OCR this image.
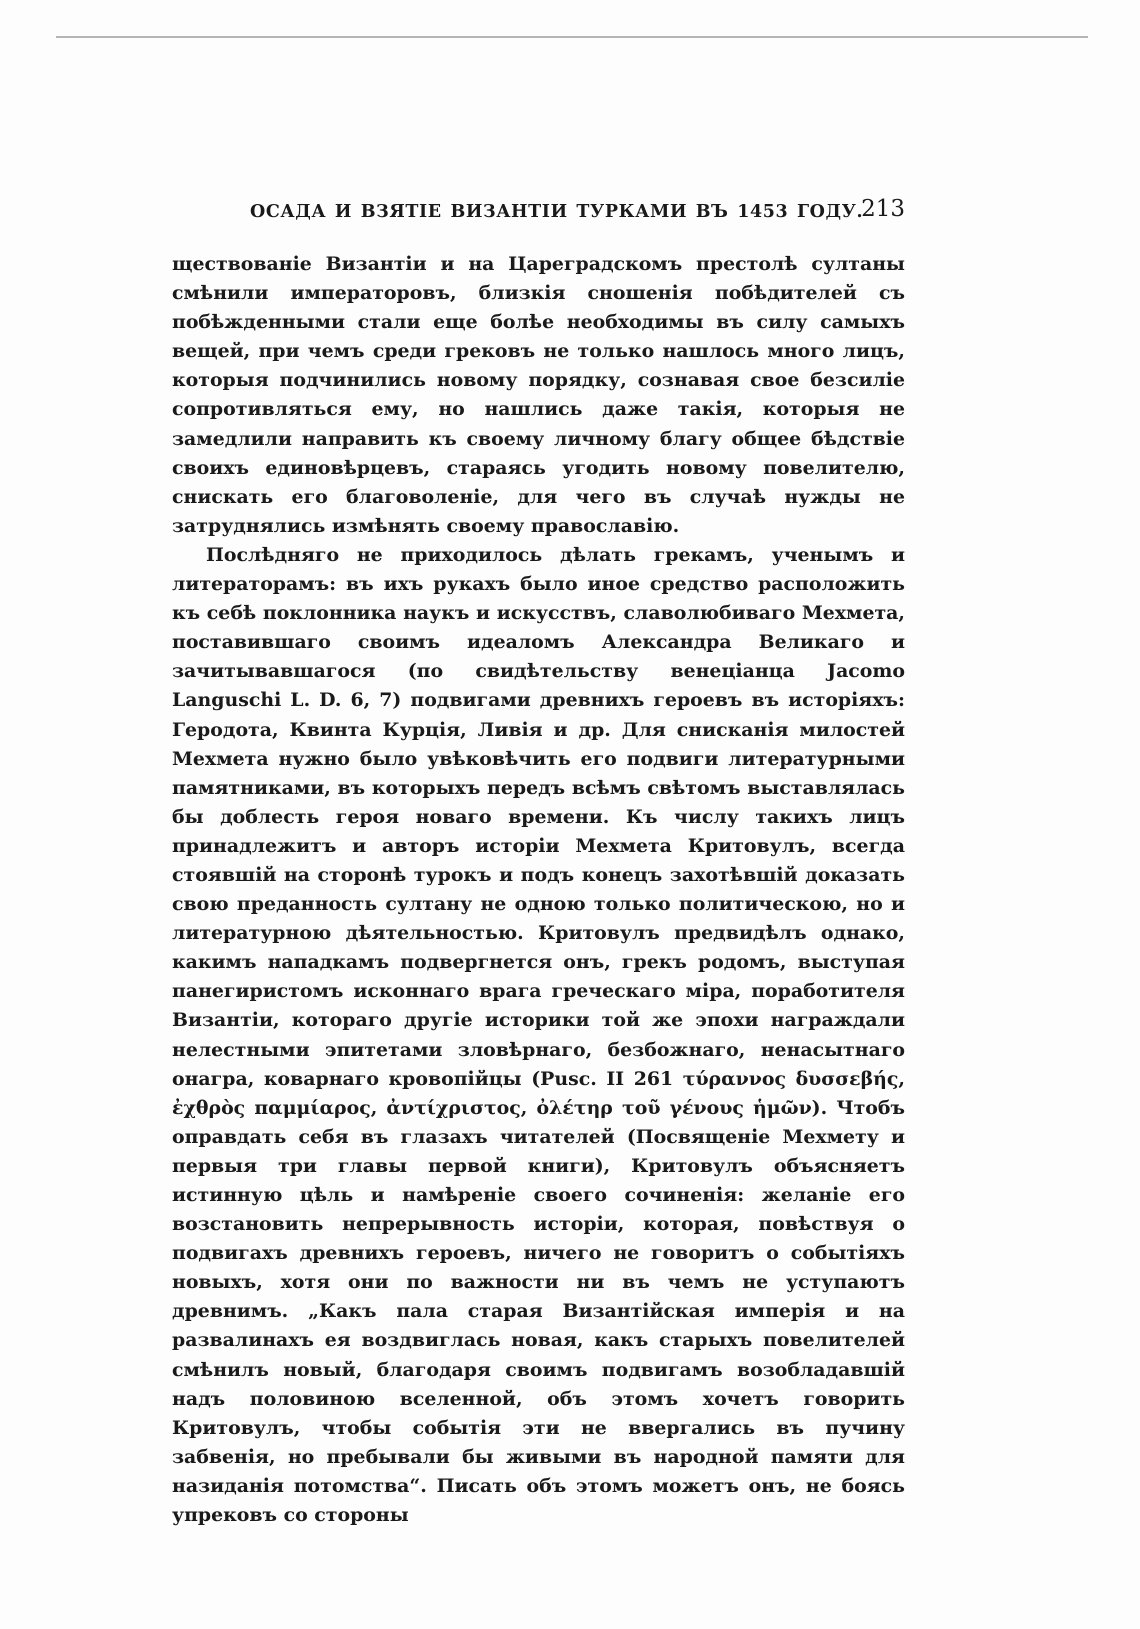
ОСАДА И ВЗЯТІЕ ВИЗАНТІИ ТУРКАМИ ВЪ 1453 ГОДУ.
213

ществованіе Византіи и на Цареградскомъ престолѣ султаны смѣнили императоровъ, близкія сношенія побѣдителей съ побѣжденными стали еще болѣе необходимы въ силу самыхъ вещей, при чемъ среди грековъ не только нашлось много лицъ, которыя подчинились новому порядку, сознавая свое безсиліе сопротивляться ему, но нашлись даже такія, которыя не замедлили направить къ своему личному благу общее бѣдствіе своихъ единовѣрцевъ, стараясь угодить новому повелителю, снискать его благоволеніе, для чего въ случаѣ нужды не затруднялись измѣнять своему православію.

Послѣдняго не приходилось дѣлать грекамъ, ученымъ и литераторамъ: въ ихъ рукахъ было иное средство расположить къ себѣ поклонника наукъ и искусствъ, славолюбиваго Мехмета, поставившаго своимъ идеаломъ Александра Великаго и зачитывавшагося (по свидѣтельству венеціанца Jacomo Languschi L. D. 6, 7) подвигами древнихъ героевъ въ исторіяхъ: Геродота, Квинта Курція, Ливія и др. Для снисканія милостей Мехмета нужно было увѣковѣчить его подвиги литературными памятниками, въ которыхъ передъ всѣмъ свѣтомъ выставлялась бы доблесть героя новаго времени. Къ числу такихъ лицъ принадлежитъ и авторъ исторіи Мехмета Критовулъ, всегда стоявшій на сторонѣ турокъ и подъ конецъ захотѣвшій доказать свою преданность султану не одною только политическою, но и литературною дѣятельностью. Критовулъ предвидѣлъ однако, какимъ нападкамъ подвергнется онъ, грекъ родомъ, выступая панегиристомъ исконнаго врага греческаго міра, поработителя Византіи, котораго другіе историки той же эпохи награждали нелестными эпитетами зловѣрнаго, безбожнаго, ненасытнаго онагра, коварнаго кровопійцы (Pusc. II 261 τύραννος δυσσεβής, ἐχθρὸς παμμίαρος, ἀντίχριστος, ὀλέτηρ τοῦ γένους ἡμῶν). Чтобъ оправдать себя въ глазахъ читателей (Посвященіе Мехмету и первыя три главы первой книги), Критовулъ объясняетъ истинную цѣль и намѣреніе своего сочиненія: желаніе его возстановить непрерывность исторіи, которая, повѣствуя о подвигахъ древнихъ героевъ, ничего не говоритъ о событіяхъ новыхъ, хотя они по важности ни въ чемъ не уступаютъ древнимъ. „Какъ пала старая Византійская имперія и на развалинахъ ея воздвиглась новая, какъ старыхъ повелителей смѣнилъ новый, благодаря своимъ подвигамъ возобладавшій надъ половиною вселенной, объ этомъ хочетъ говорить Критовулъ, чтобы событія эти не ввергались въ пучину забвенія, но пребывали бы живыми въ народной памяти для назиданія потомства“. Писать объ этомъ можетъ онъ, не боясь упрековъ со стороны
